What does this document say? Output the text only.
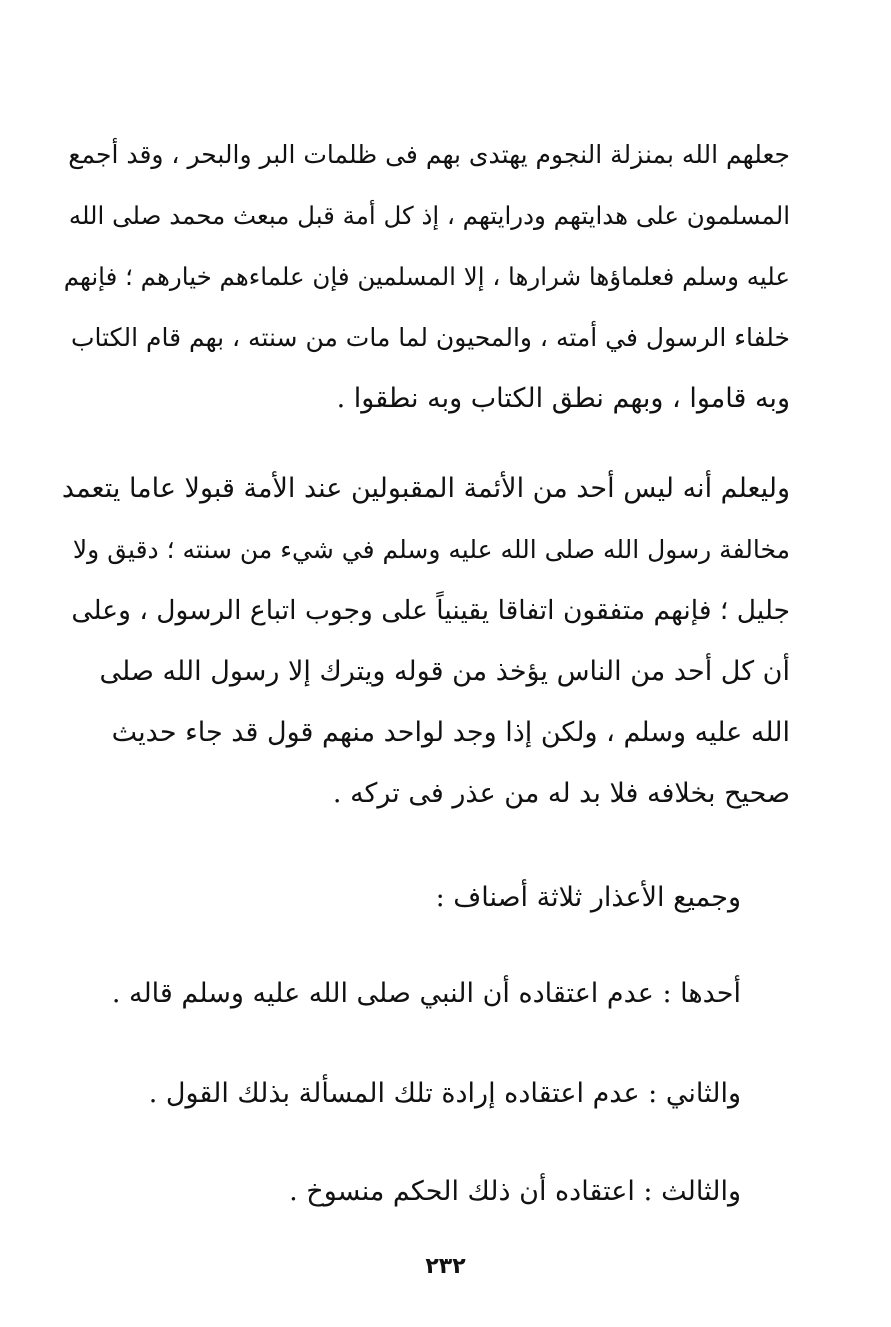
جعلهم الله بمنزلة النجوم يهتدى بهم فى ظلمات البر والبحر ، وقد أجمع
المسلمون على هدايتهم ودرايتهم ، إذ كل أمة قبل مبعث محمد صلى الله
عليه وسلم فعلماؤها شرارها ، إلا المسلمين فإن علماءهم خيارهم ؛ فإنهم
خلفاء الرسول في أمته ، والمحيون لما مات من سنته ، بهم قام الكتاب
وبه قاموا ، وبهم نطق الكتاب وبه نطقوا .
وليعلم أنه ليس أحد من الأئمة المقبولين عند الأمة قبولا عاما يتعمد
مخالفة رسول الله صلى الله عليه وسلم في شيء من سنته ؛ دقيق ولا
جليل ؛ فإنهم متفقون اتفاقا يقينياً على وجوب اتباع الرسول ، وعلى
أن كل أحد من الناس يؤخذ من قوله ويترك إلا رسول الله صلى
الله عليه وسلم ، ولكن إذا وجد لواحد منهم قول قد جاء حديث
صحيح بخلافه فلا بد له من عذر فى تركه .
وجميع الأعذار ثلاثة أصناف :
أحدها : عدم اعتقاده أن النبي صلى الله عليه وسلم قاله .
والثاني : عدم اعتقاده إرادة تلك المسألة بذلك القول .
والثالث : اعتقاده أن ذلك الحكم منسوخ .
٢٣٢
